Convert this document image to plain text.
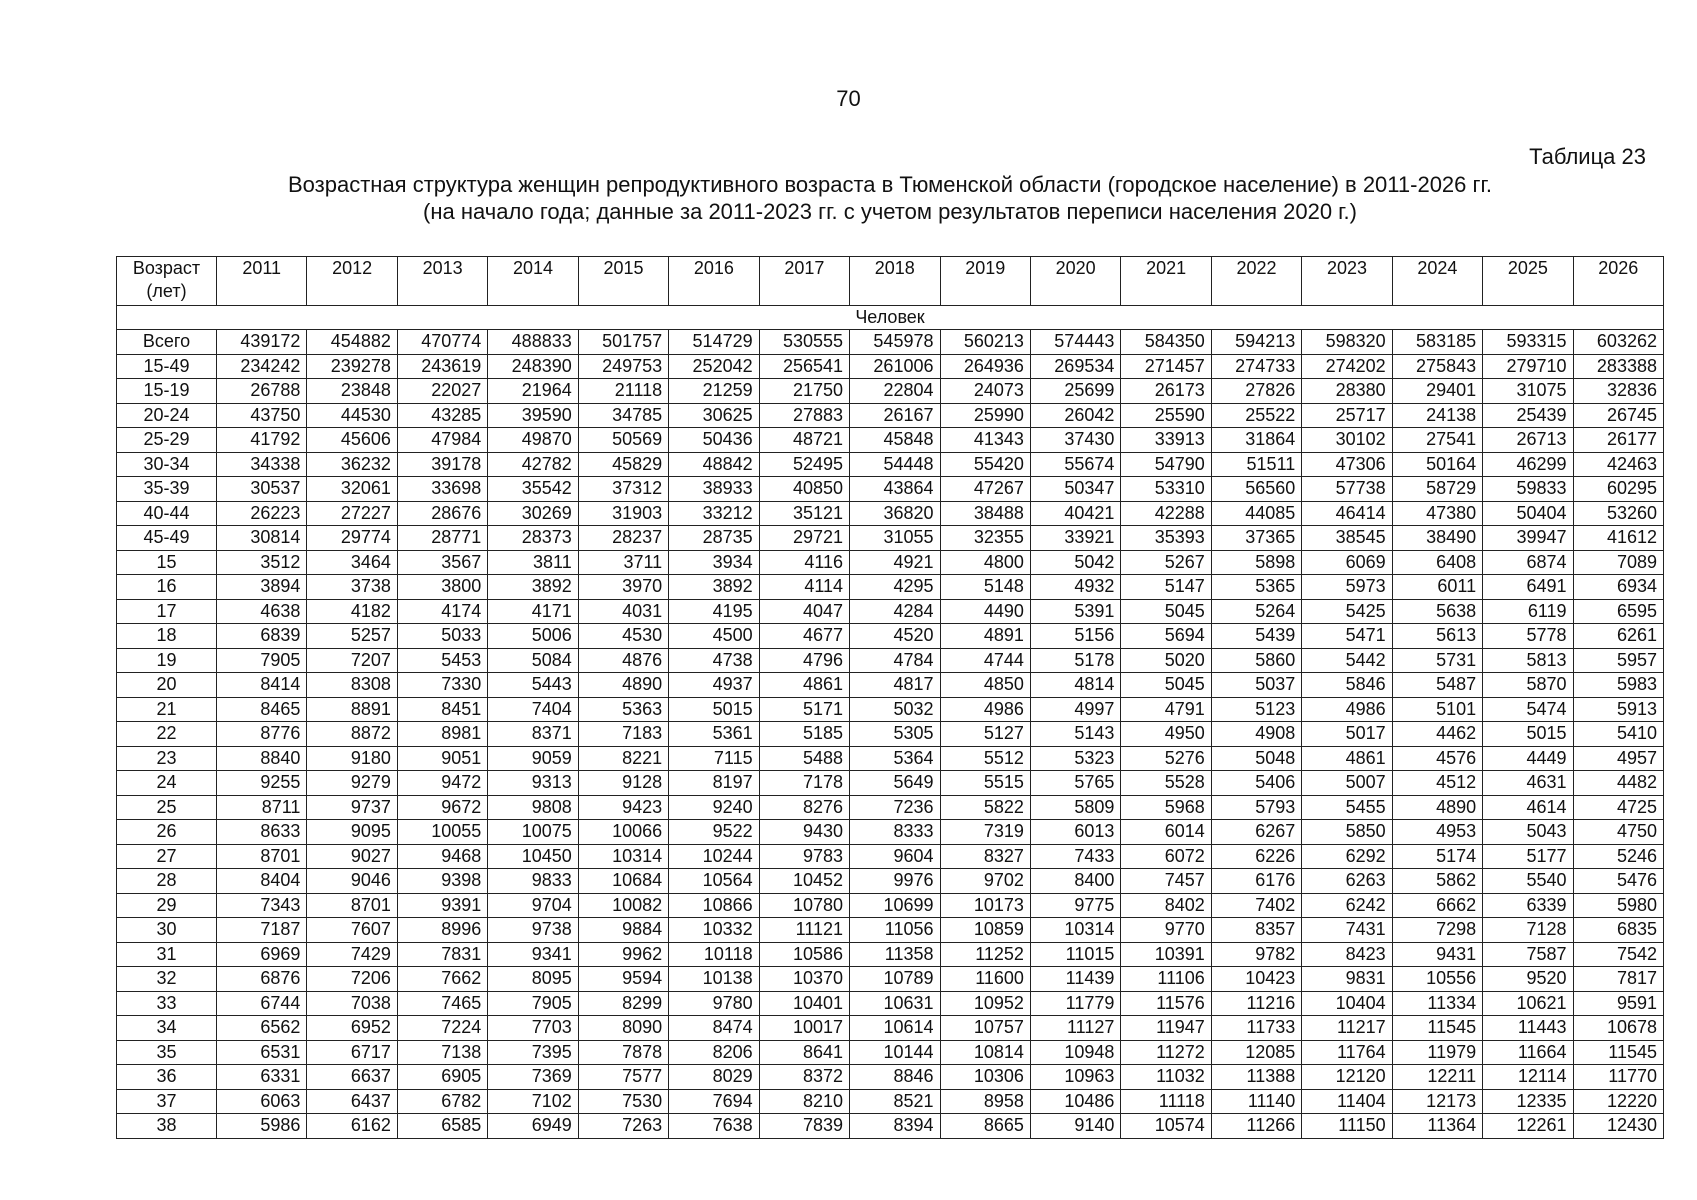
70
Таблица 23
Возрастная структура женщин репродуктивного возраста в Тюменской области (городское население) в 2011-2026 гг.
(на начало года; данные за 2011-2023 гг. с учетом результатов переписи населения 2020 г.)
Возраст
(лет)	2011	2012	2013	2014	2015	2016	2017	2018	2019	2020	2021	2022	2023	2024	2025	2026
Человек																
Всего	439172	454882	470774	488833	501757	514729	530555	545978	560213	574443	584350	594213	598320	583185	593315	603262
15-49	234242	239278	243619	248390	249753	252042	256541	261006	264936	269534	271457	274733	274202	275843	279710	283388
15-19	26788	23848	22027	21964	21118	21259	21750	22804	24073	25699	26173	27826	28380	29401	31075	32836
20-24	43750	44530	43285	39590	34785	30625	27883	26167	25990	26042	25590	25522	25717	24138	25439	26745
25-29	41792	45606	47984	49870	50569	50436	48721	45848	41343	37430	33913	31864	30102	27541	26713	26177
30-34	34338	36232	39178	42782	45829	48842	52495	54448	55420	55674	54790	51511	47306	50164	46299	42463
35-39	30537	32061	33698	35542	37312	38933	40850	43864	47267	50347	53310	56560	57738	58729	59833	60295
40-44	26223	27227	28676	30269	31903	33212	35121	36820	38488	40421	42288	44085	46414	47380	50404	53260
45-49	30814	29774	28771	28373	28237	28735	29721	31055	32355	33921	35393	37365	38545	38490	39947	41612
15	3512	3464	3567	3811	3711	3934	4116	4921	4800	5042	5267	5898	6069	6408	6874	7089
16	3894	3738	3800	3892	3970	3892	4114	4295	5148	4932	5147	5365	5973	6011	6491	6934
17	4638	4182	4174	4171	4031	4195	4047	4284	4490	5391	5045	5264	5425	5638	6119	6595
18	6839	5257	5033	5006	4530	4500	4677	4520	4891	5156	5694	5439	5471	5613	5778	6261
19	7905	7207	5453	5084	4876	4738	4796	4784	4744	5178	5020	5860	5442	5731	5813	5957
20	8414	8308	7330	5443	4890	4937	4861	4817	4850	4814	5045	5037	5846	5487	5870	5983
21	8465	8891	8451	7404	5363	5015	5171	5032	4986	4997	4791	5123	4986	5101	5474	5913
22	8776	8872	8981	8371	7183	5361	5185	5305	5127	5143	4950	4908	5017	4462	5015	5410
23	8840	9180	9051	9059	8221	7115	5488	5364	5512	5323	5276	5048	4861	4576	4449	4957
24	9255	9279	9472	9313	9128	8197	7178	5649	5515	5765	5528	5406	5007	4512	4631	4482
25	8711	9737	9672	9808	9423	9240	8276	7236	5822	5809	5968	5793	5455	4890	4614	4725
26	8633	9095	10055	10075	10066	9522	9430	8333	7319	6013	6014	6267	5850	4953	5043	4750
27	8701	9027	9468	10450	10314	10244	9783	9604	8327	7433	6072	6226	6292	5174	5177	5246
28	8404	9046	9398	9833	10684	10564	10452	9976	9702	8400	7457	6176	6263	5862	5540	5476
29	7343	8701	9391	9704	10082	10866	10780	10699	10173	9775	8402	7402	6242	6662	6339	5980
30	7187	7607	8996	9738	9884	10332	11121	11056	10859	10314	9770	8357	7431	7298	7128	6835
31	6969	7429	7831	9341	9962	10118	10586	11358	11252	11015	10391	9782	8423	9431	7587	7542
32	6876	7206	7662	8095	9594	10138	10370	10789	11600	11439	11106	10423	9831	10556	9520	7817
33	6744	7038	7465	7905	8299	9780	10401	10631	10952	11779	11576	11216	10404	11334	10621	9591
34	6562	6952	7224	7703	8090	8474	10017	10614	10757	11127	11947	11733	11217	11545	11443	10678
35	6531	6717	7138	7395	7878	8206	8641	10144	10814	10948	11272	12085	11764	11979	11664	11545
36	6331	6637	6905	7369	7577	8029	8372	8846	10306	10963	11032	11388	12120	12211	12114	11770
37	6063	6437	6782	7102	7530	7694	8210	8521	8958	10486	11118	11140	11404	12173	12335	12220
38	5986	6162	6585	6949	7263	7638	7839	8394	8665	9140	10574	11266	11150	11364	12261	12430
